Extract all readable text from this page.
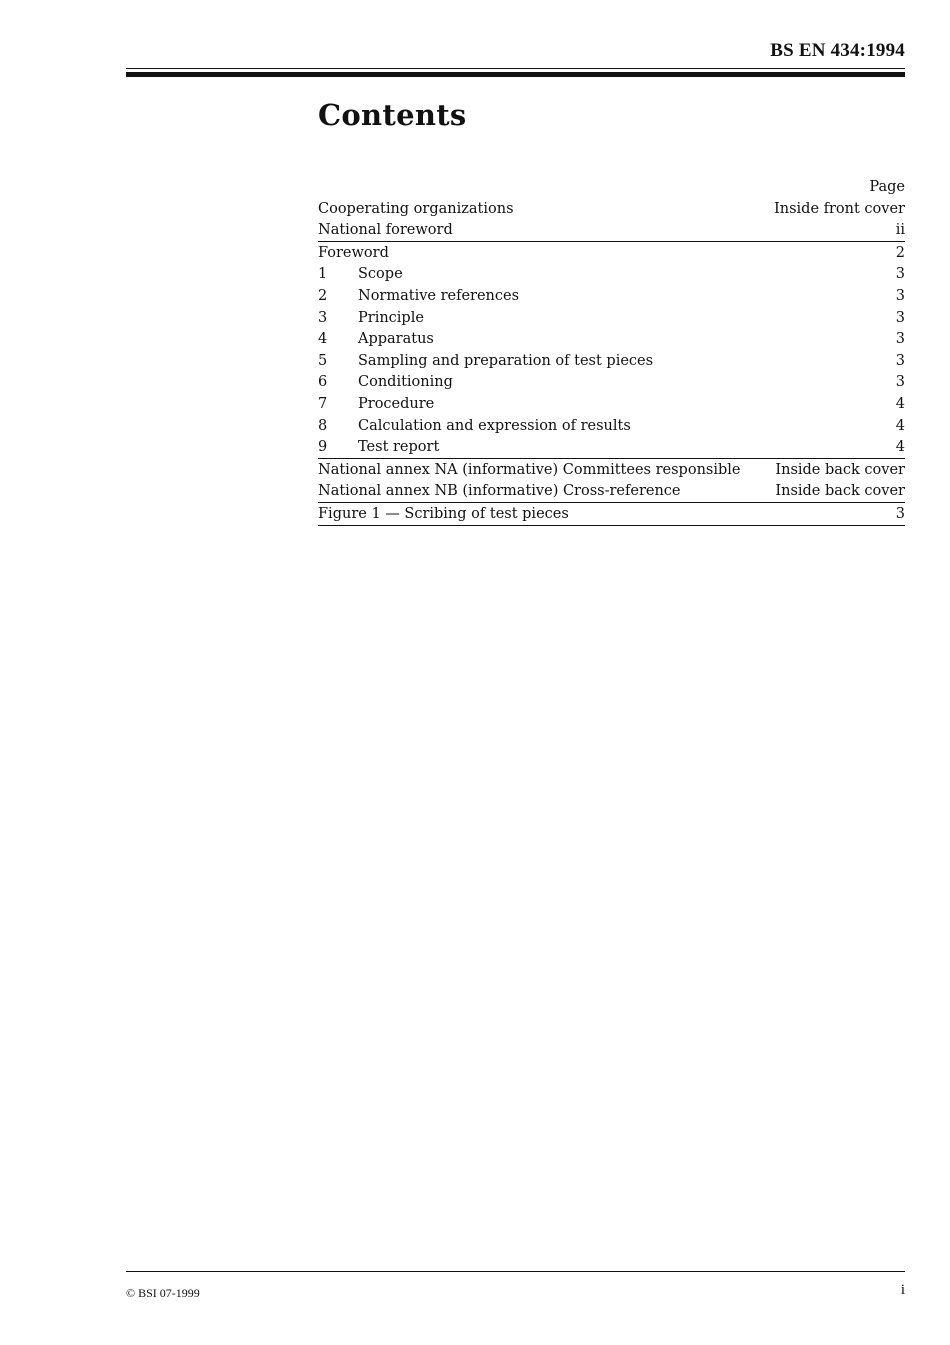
BS EN 434:1994
Contents
Page
Cooperating organizations	Inside front cover
National foreword	ii
Foreword	2
1 Scope	3
2 Normative references	3
3 Principle	3
4 Apparatus	3
5 Sampling and preparation of test pieces	3
6 Conditioning	3
7 Procedure	4
8 Calculation and expression of results	4
9 Test report	4
National annex NA (informative) Committees responsible Inside back cover
National annex NB (informative) Cross-reference	Inside back cover
Figure 1 — Scribing of test pieces	3
© BSI 07-1999	i
